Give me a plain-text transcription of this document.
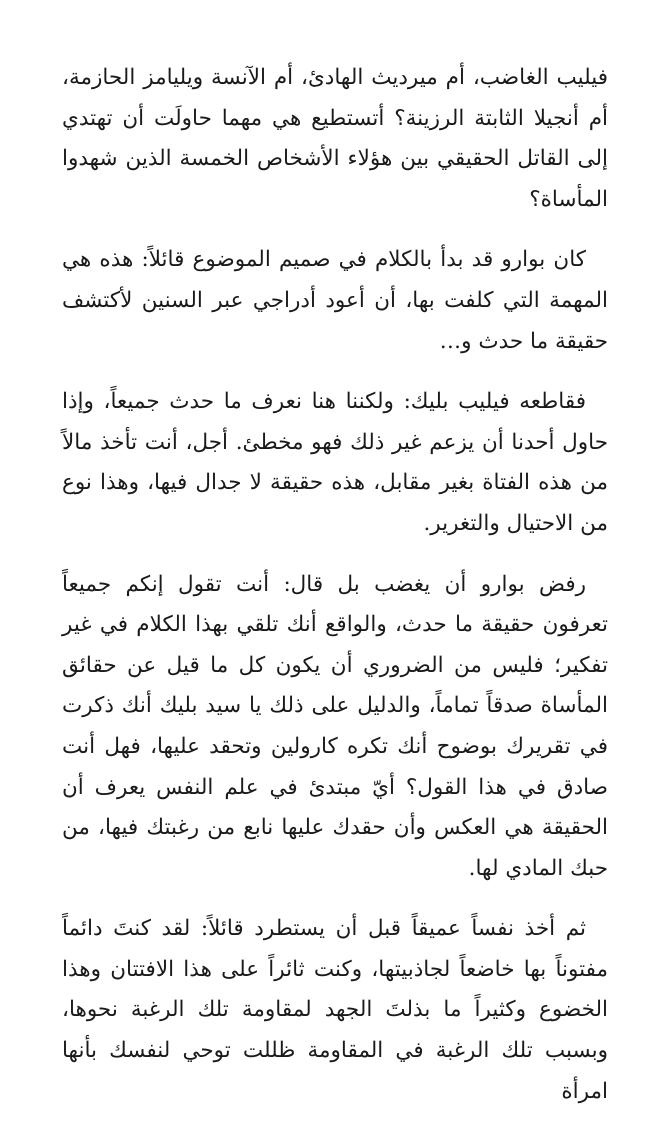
فيليب الغاضب، أم ميرديث الهادئ، أم الآنسة ويليامز الحازمة، أم أنجيلا الثابتة الرزينة؟ أتستطيع هي مهما حاولَت أن تهتدي إلى القاتل الحقيقي بين هؤلاء الأشخاص الخمسة الذين شهدوا المأساة؟

كان بوارو قد بدأ بالكلام في صميم الموضوع قائلاً: هذه هي المهمة التي كلفت بها، أن أعود أدراجي عبر السنين لأكتشف حقيقة ما حدث و…

فقاطعه فيليب بليك: ولكننا هنا نعرف ما حدث جميعاً، وإذا حاول أحدنا أن يزعم غير ذلك فهو مخطئ. أجل، أنت تأخذ مالاً من هذه الفتاة بغير مقابل، هذه حقيقة لا جدال فيها، وهذا نوع من الاحتيال والتغرير.

رفض بوارو أن يغضب بل قال: أنت تقول إنكم جميعاً تعرفون حقيقة ما حدث، والواقع أنك تلقي بهذا الكلام في غير تفكير؛ فليس من الضروري أن يكون كل ما قيل عن حقائق المأساة صدقاً تماماً، والدليل على ذلك يا سيد بليك أنك ذكرت في تقريرك بوضوح أنك تكره كارولين وتحقد عليها، فهل أنت صادق في هذا القول؟ أيّ مبتدئ في علم النفس يعرف أن الحقيقة هي العكس وأن حقدك عليها نابع من رغبتك فيها، من حبك المادي لها.

ثم أخذ نفساً عميقاً قبل أن يستطرد قائلاً: لقد كنتَ دائماً مفتوناً بها خاضعاً لجاذبيتها، وكنت ثائراً على هذا الافتتان وهذا الخضوع وكثيراً ما بذلتَ الجهد لمقاومة تلك الرغبة نحوها، وبسبب تلك الرغبة في المقاومة ظللت توحي لنفسك بأنها امرأة
